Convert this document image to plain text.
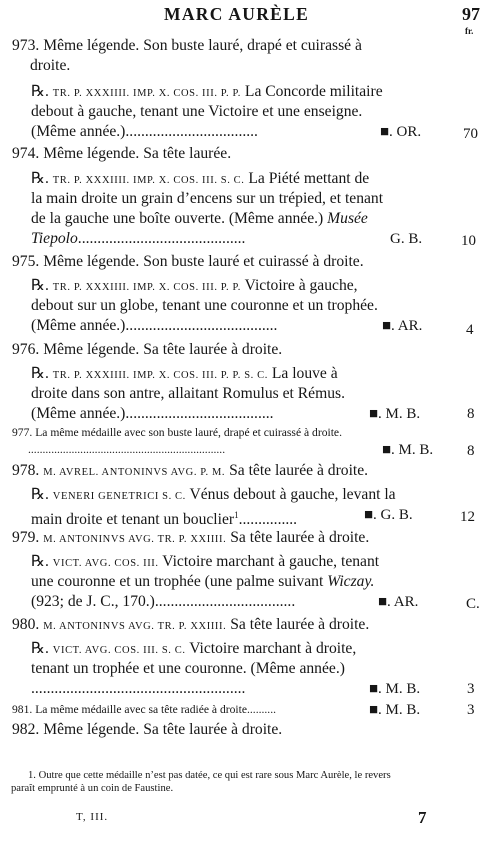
MARC AURÈLE	97
fr.
973. Même légende. Son buste lauré, drapé et cuirassé à
droite.
℞. TR. P. XXXIIII. IMP. X. COS. III. P. P. La Concorde militaire
debout à gauche, tenant une Victoire et une enseigne.
(Même année.)..................................	■. OR.	70
974. Même légende. Sa tête laurée.
℞. TR. P. XXXIIII. IMP. X. COS. III. S. C. La Piété mettant de
la main droite un grain d’encens sur un trépied, et tenant
de la gauche une boîte ouverte. (Même année.) Musée
Tiepolo...........................................	G. B.	10
975. Même légende. Son buste lauré et cuirassé à droite.
℞. TR. P. XXXIIII. IMP. X. COS. III. P. P. Victoire à gauche,
debout sur un globe, tenant une couronne et un trophée.
(Même année.).......................................	■. AR.	4
976. Même légende. Sa tête laurée à droite.
℞. TR. P. XXXIIII. IMP. X. COS. III. P. P. S. C. La louve à
droite dans son antre, allaitant Romulus et Rémus.
(Même année.)......................................	■. M. B.	8
977. La même médaille avec son buste lauré, drapé et cuirassé à droite.
....................................................................	■. M. B. 8
978. M. AVREL. ANTONINVS AVG. P. M. Sa tête laurée à droite.
℞. VENERI GENETRICI S. C. Vénus debout à gauche, levant la
main droite et tenant un bouclier$^1$...............	■. G. B.	12
979. M. ANTONINVS AVG. TR. P. XXIIII. Sa tête laurée à droite.
℞. VICT. AVG. COS. III. Victoire marchant à gauche, tenant
une couronne et un trophée (une palme suivant Wiczay.
(923; de J. C., 170.)....................................	■. AR.	C.
980. M. ANTONINVS AVG. TR. P. XXIIII. Sa tête laurée à droite.
℞. VICT. AVG. COS. III. S. C. Victoire marchant à droite,
tenant un trophée et une couronne. (Même année.)
.......................................................	■. M. B.	3
981. La même médaille avec sa tête radiée à droite..........	■. M. B.	3
982. Même légende. Sa tête laurée à droite.
1. Outre que cette médaille n’est pas datée, ce qui est rare sous Marc Aurèle, le revers
paraît emprunté à un coin de Faustine.
T, III.	7
